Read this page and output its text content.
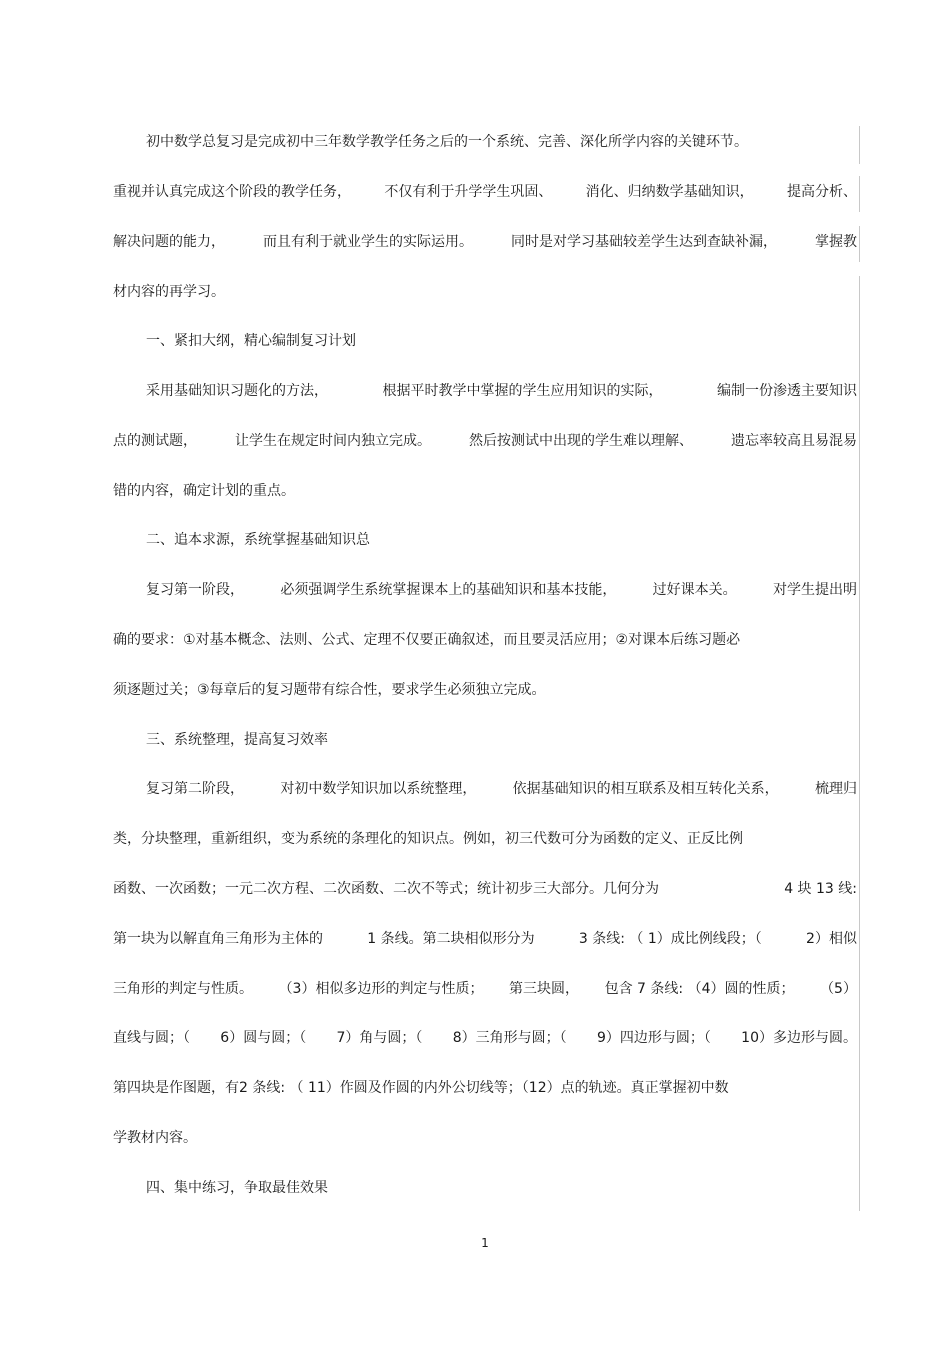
初中数学总复习是完成初中三年数学教学任务之后的一个系统、完善、深化所学内容的关键环节。
重视并认真完成这个阶段的教学任务， 不仅有利于升学学生巩固、 消化、归纳数学基础知识， 提高分析、
解决问题的能力，	而且有利于就业学生的实际运用。	同时是对学习基础较差学生达到查缺补漏，	掌握教
材内容的再学习。
一、紧扣大纲，精心编制复习计划
采用基础知识习题化的方法，	根据平时教学中掌握的学生应用知识的实际，	编制一份渗透主要知识
点的测试题，	让学生在规定时间内独立完成。	然后按测试中出现的学生难以理解、	遗忘率较高且易混易
错的内容，确定计划的重点。
二、追本求源，系统掌握基础知识总
复习第一阶段，	必须强调学生系统掌握课本上的基础知识和基本技能，	过好课本关。	对学生提出明
确的要求：①对基本概念、法则、公式、定理不仅要正确叙述，而且要灵活应用；②对课本后练习题必
须逐题过关；③每章后的复习题带有综合性，要求学生必须独立完成。
三、系统整理，提高复习效率
复习第二阶段，	对初中数学知识加以系统整理，	依据基础知识的相互联系及相互转化关系，	梳理归
类，分块整理，重新组织，变为系统的条理化的知识点。例如，初三代数可分为函数的定义、正反比例
函数、一次函数；一元二次方程、二次函数、二次不等式；统计初步三大部分。几何分为	4 块 13 线:
第一块为以解直角三角形为主体的	1 条线。第二块相似形分为	3 条线: （ 1）成比例线段；（	2）相似
三角形的判定与性质。 （3）相似多边形的判定与性质； 第三块圆， 包含 7 条线: （4）圆的性质； （5）
直线与圆；（ 6）圆与圆；（ 7）角与圆；（ 8）三角形与圆；（ 9）四边形与圆；（ 10）多边形与圆。
第四块是作图题，有2 条线: （ 11）作圆及作圆的内外公切线等；（12）点的轨迹。真正掌握初中数
学教材内容。
四、集中练习，争取最佳效果
1
